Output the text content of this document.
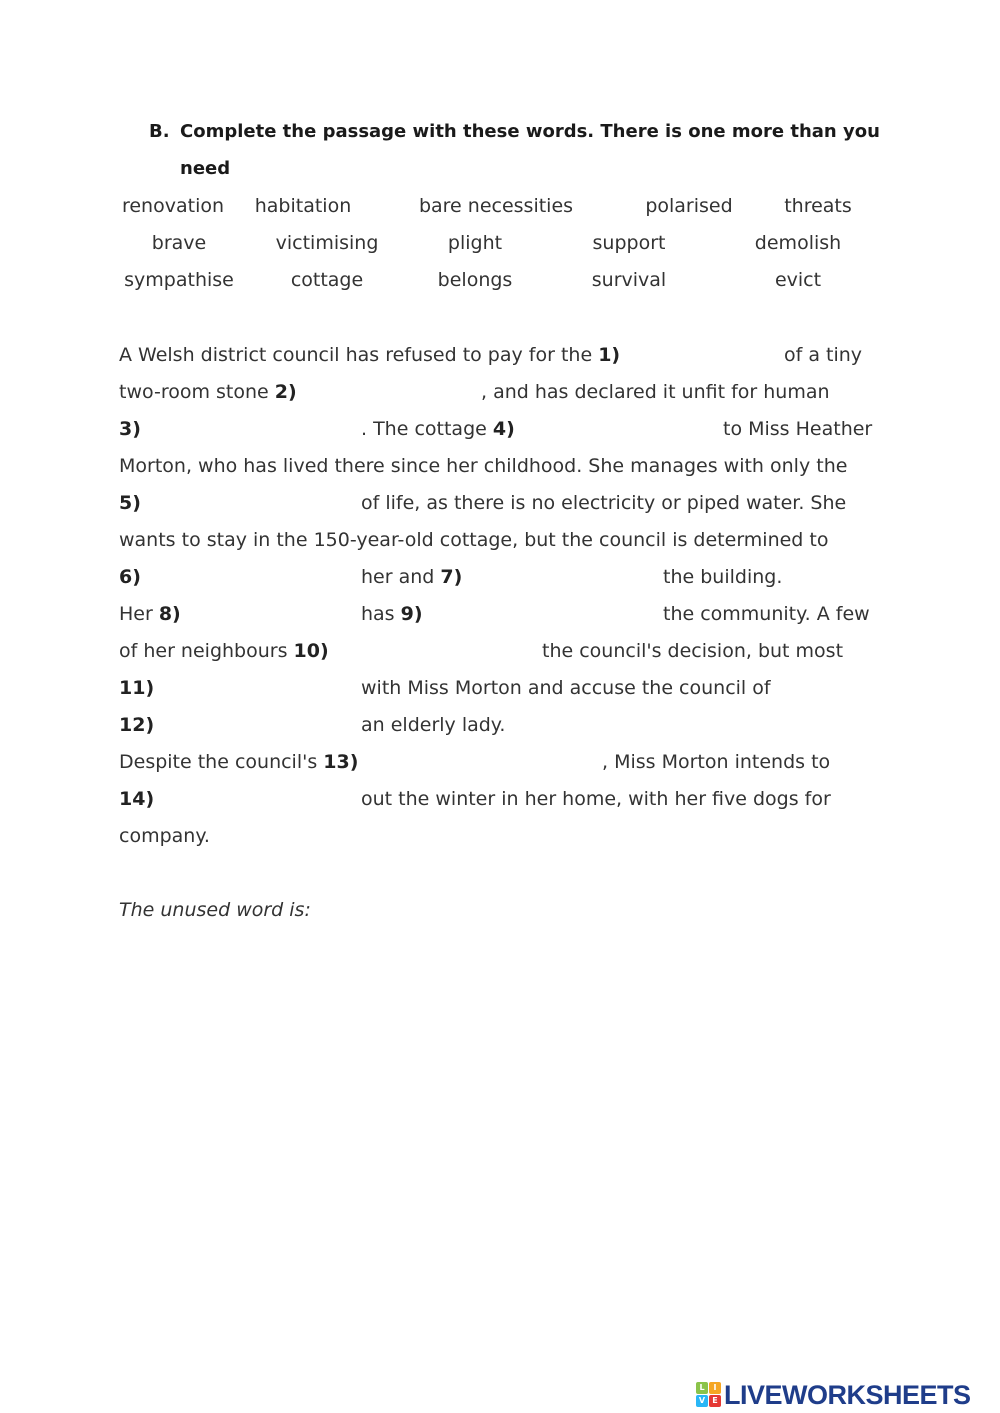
B. Complete the passage with these words. There is one more than you
need
renovation habitation	bare necessities	polarised	threats
brave	victimising	plight	support	demolish
sympathise	cottage	belongs	survival	evict
A Welsh district council has refused to pay for the 1)	of a tiny
two-room stone 2)	, and has declared it unfit for human
3)	. The cottage 4)	to Miss Heather
Morton, who has lived there since her childhood. She manages with only the
5)	of life, as there is no electricity or piped water. She
wants to stay in the 150-year-old cottage, but the council is determined to
6)	her and 7)	the building.
Her 8)	has 9)	the community. A few
of her neighbours 10)	the council's decision, but most
11)	with Miss Morton and accuse the council of
12)	an elderly lady.
Despite the council's 13)	, Miss Morton intends to
14)	out the winter in her home, with her five dogs for
company.
The unused word is:
L	I
V E LIVEWORKSHEETS
